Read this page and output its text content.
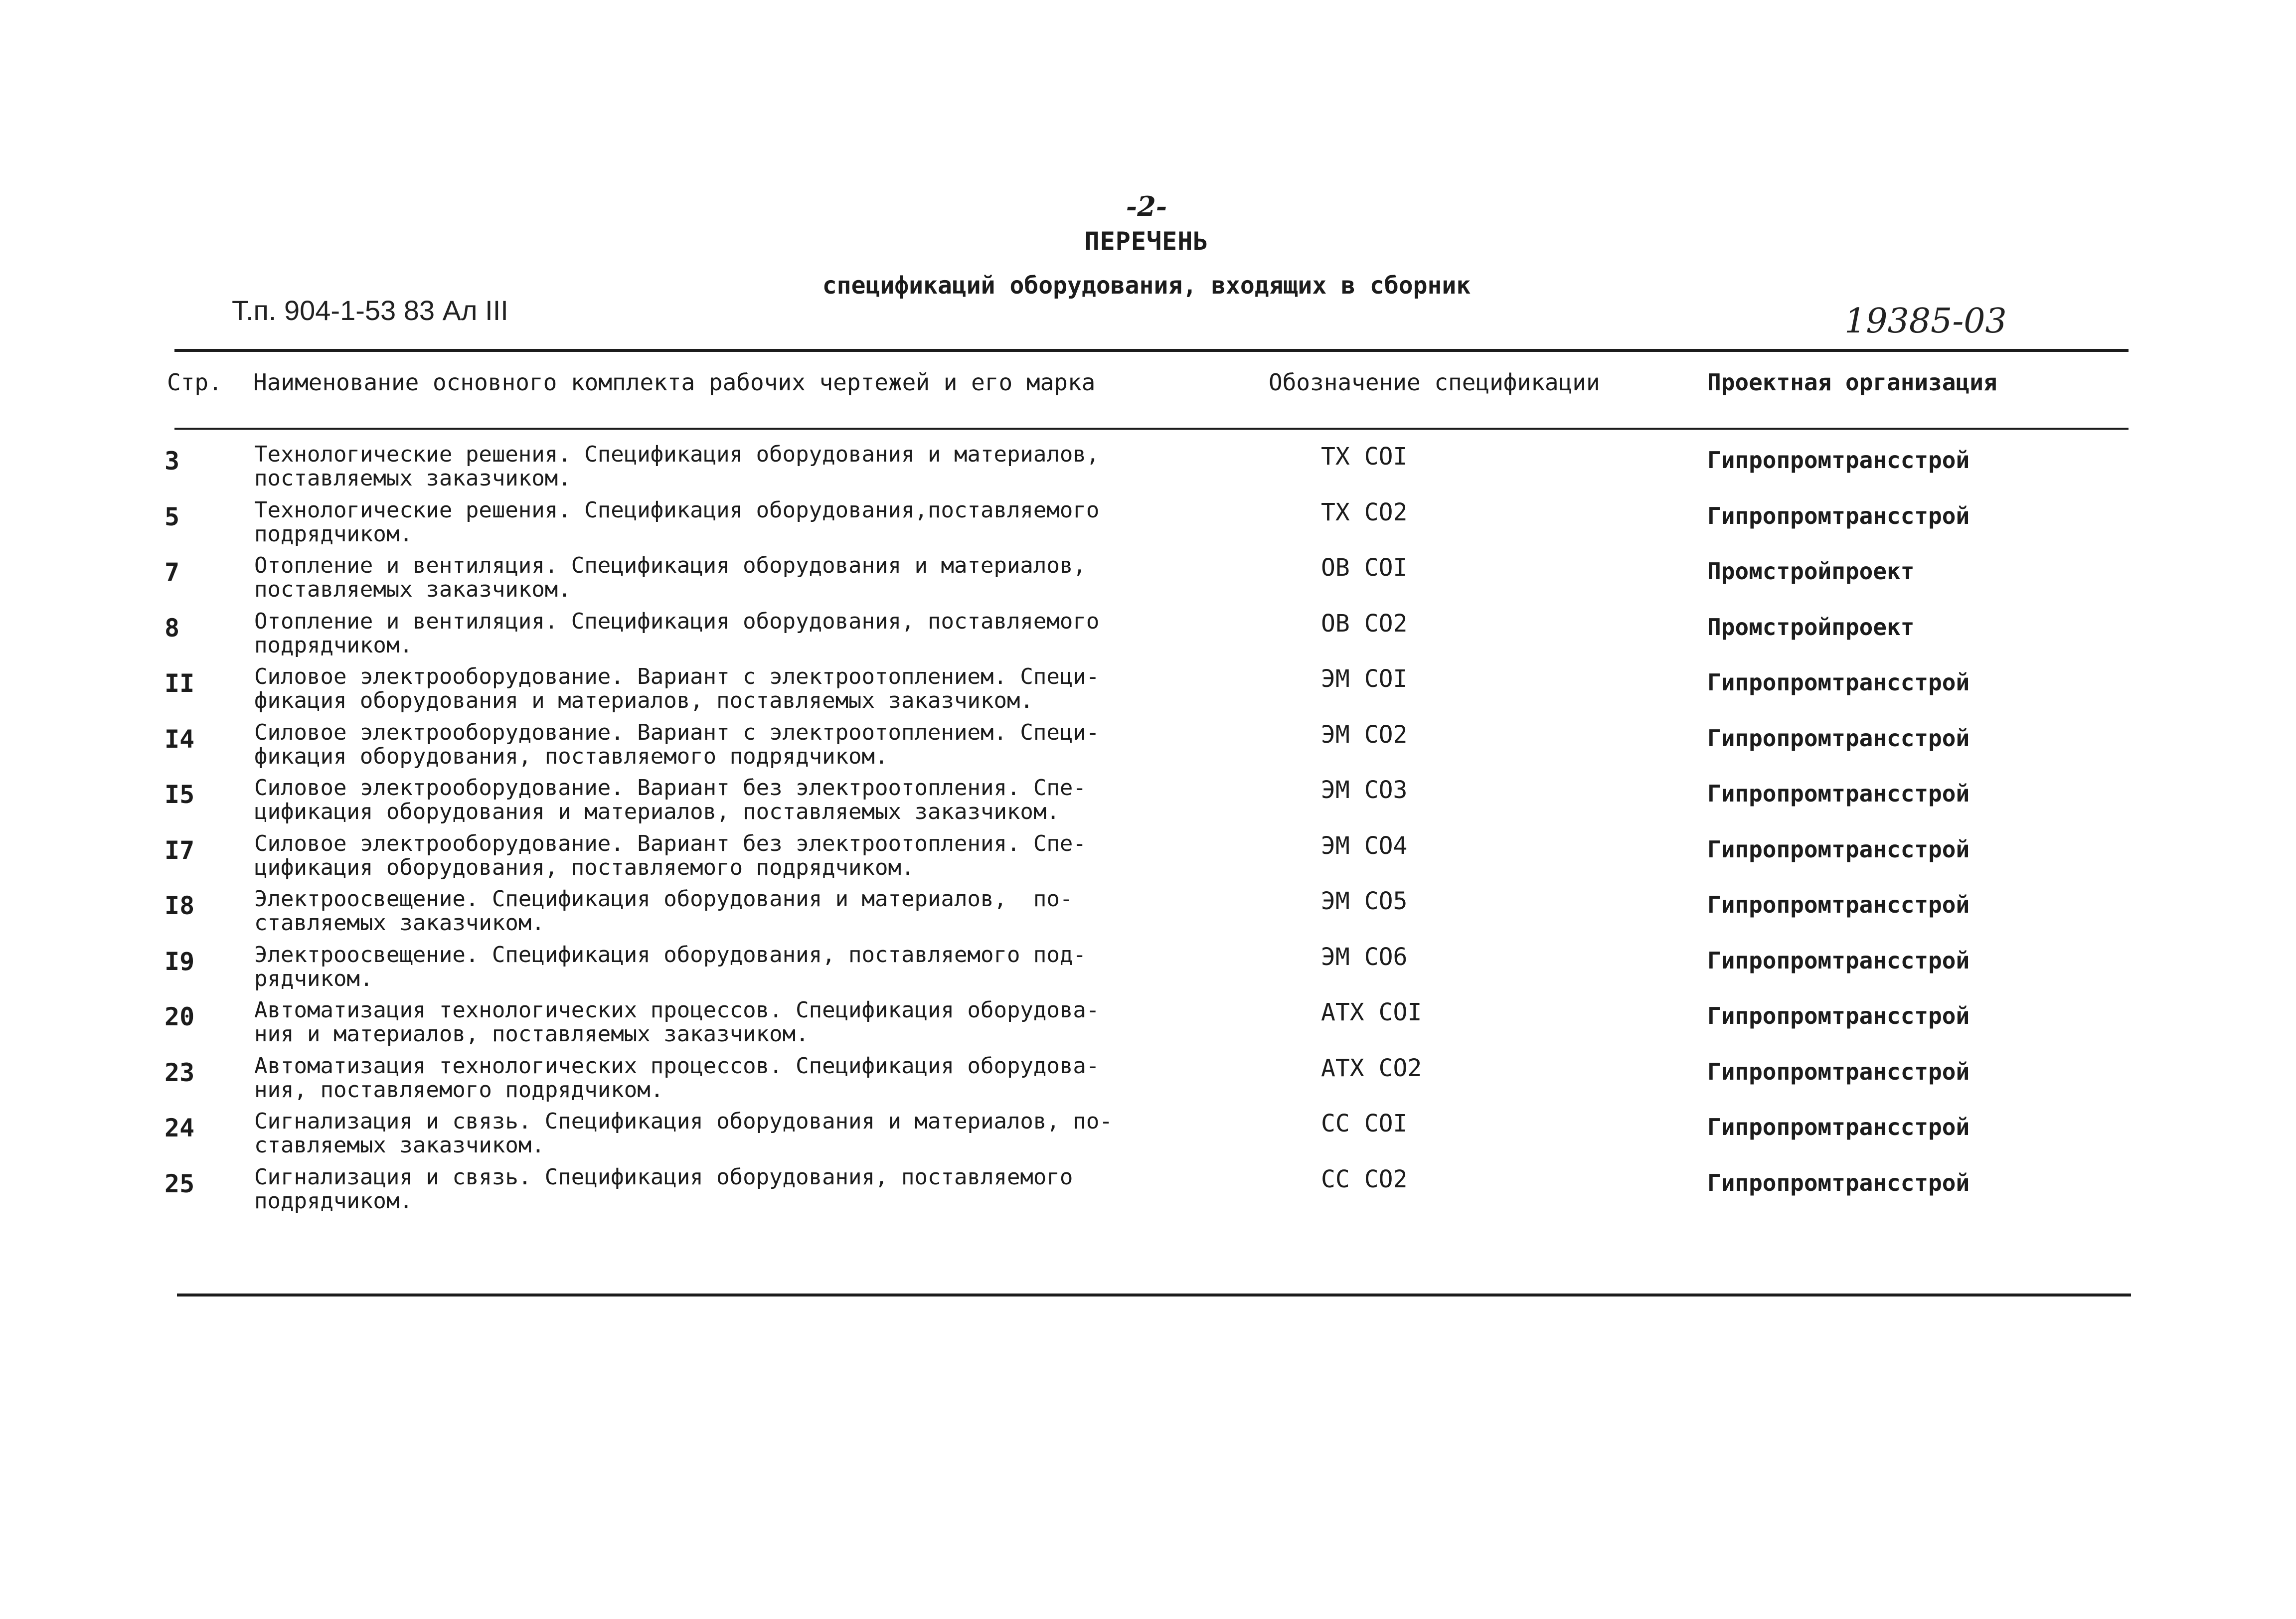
-2-
ПЕРЕЧЕНЬ
спецификаций оборудования, входящих в сборник
Т.п. 904-1-53 83 Ал III	19385-03
Стр. Наименование основного комплекта рабочих чертежей и его марка	Обозначение спецификации	Проектная организация
3	Технологические решения. Спецификация оборудования и материалов,
поставляемых заказчиком.
ТХ СОI	Гипропромтрансстрой
5	Технологические решения. Спецификация оборудования,поставляемого
подрядчиком.
ТХ СО2	Гипропромтрансстрой
7	Отопление и вентиляция. Спецификация оборудования и материалов,
поставляемых заказчиком.
ОВ СОI	Промстройпроект
8	Отопление и вентиляция. Спецификация оборудования, поставляемого
подрядчиком.
ОВ СО2	Промстройпроект
II	Силовое электрооборудование. Вариант с электроотоплением. Специ-
фикация оборудования и материалов, поставляемых заказчиком.
ЭМ СОI	Гипропромтрансстрой
I4	Силовое электрооборудование. Вариант с электроотоплением. Специ-
фикация оборудования, поставляемого подрядчиком.
ЭМ СО2	Гипропромтрансстрой
I5	Силовое электрооборудование. Вариант без электроотопления. Спе-
цификация оборудования и материалов, поставляемых заказчиком.
ЭМ СО3	Гипропромтрансстрой
I7	Силовое электрооборудование. Вариант без электроотопления. Спе-
цификация оборудования, поставляемого подрядчиком.
ЭМ СО4	Гипропромтрансстрой
I8	Электроосвещение. Спецификация оборудования и материалов,  по-
ставляемых заказчиком.
ЭМ СО5	Гипропромтрансстрой
I9	Электроосвещение. Спецификация оборудования, поставляемого под-
рядчиком.
ЭМ СО6	Гипропромтрансстрой
20	Автоматизация технологических процессов. Спецификация оборудова-
ния и материалов, поставляемых заказчиком.
АТХ СОI	Гипропромтрансстрой
23	Автоматизация технологических процессов. Спецификация оборудова-
ния, поставляемого подрядчиком.
АТХ СО2	Гипропромтрансстрой
24	Сигнализация и связь. Спецификация оборудования и материалов, по-
ставляемых заказчиком.
СС СОI	Гипропромтрансстрой
25	Сигнализация и связь. Спецификация оборудования, поставляемого
подрядчиком.
СС СО2	Гипропромтрансстрой
